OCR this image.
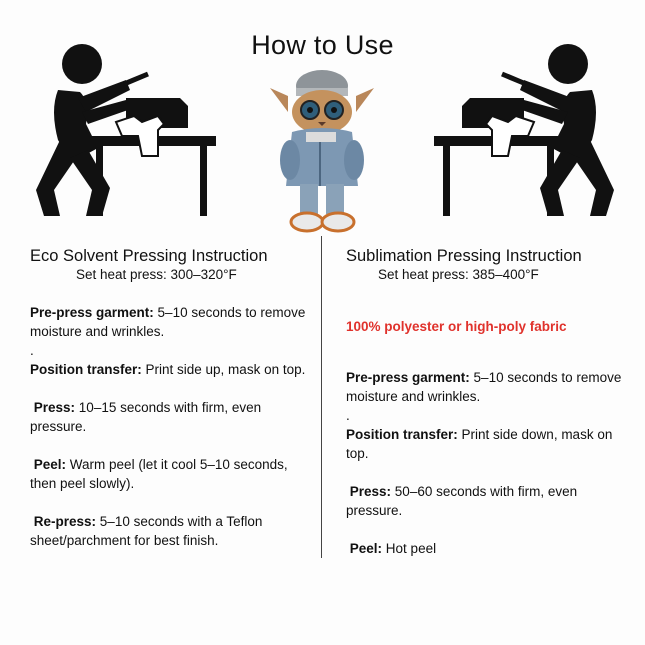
How to Use
Eco Solvent Pressing Instruction
Set heat press: 300–320°F

Pre-press garment: 5–10 seconds to remove moisture and wrinkles.

.

Position transfer: Print side up, mask on top.

Press: 10–15 seconds with firm, even pressure.

Peel: Warm peel (let it cool 5–10 seconds, then peel slowly).

Re-press: 5–10 seconds with a Teflon sheet/parchment for best finish.

Sublimation Pressing Instruction
Set heat press: 385–400°F

100% polyester or high-poly fabric

Pre-press garment: 5–10 seconds to remove moisture and wrinkles.

.

Position transfer: Print side down, mask on top.

Press: 50–60 seconds with firm, even pressure.

Peel: Hot peel
